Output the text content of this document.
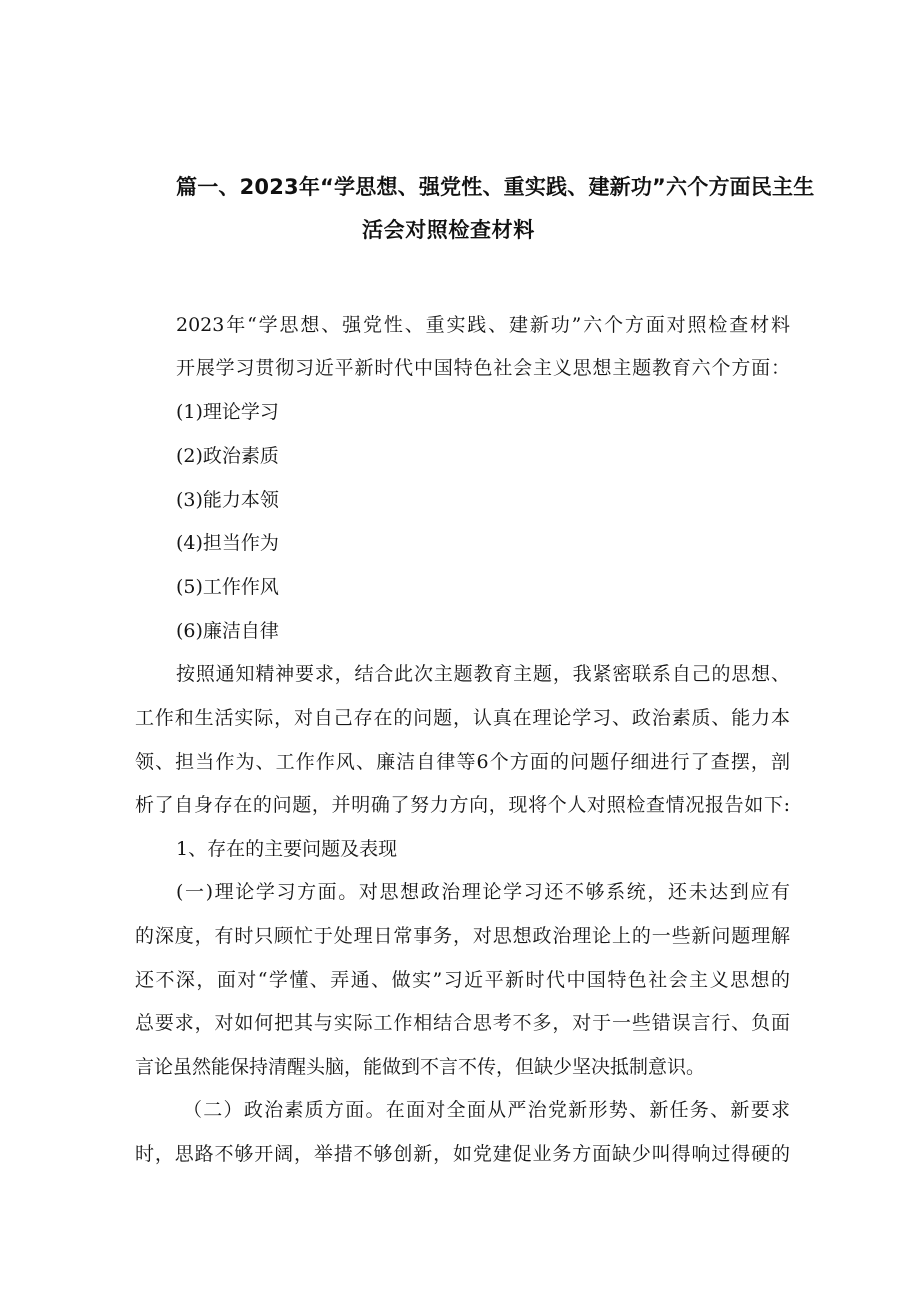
篇一、2023年“学思想、强党性、重实践、建新功”六个方面民主生
活会对照检查材料
2023年“学思想、强党性、重实践、建新功”六个方面对照检查材料
开展学习贯彻习近平新时代中国特色社会主义思想主题教育六个方面：
(1)理论学习
(2)政治素质
(3)能力本领
(4)担当作为
(5)工作作风
(6)廉洁自律
按照通知精神要求，结合此次主题教育主题，我紧密联系自己的思想、
工作和生活实际，对自己存在的问题，认真在理论学习、政治素质、能力本
领、担当作为、工作作风、廉洁自律等6个方面的问题仔细进行了查摆，剖
析了自身存在的问题，并明确了努力方向，现将个人对照检查情况报告如下:
1、存在的主要问题及表现
(一)理论学习方面。对思想政治理论学习还不够系统，还未达到应有
的深度，有时只顾忙于处理日常事务，对思想政治理论上的一些新问题理解
还不深，面对“学懂、弄通、做实”习近平新时代中国特色社会主义思想的
总要求，对如何把其与实际工作相结合思考不多，对于一些错误言行、负面
言论虽然能保持清醒头脑，能做到不言不传，但缺少坚决抵制意识。
（二）政治素质方面。在面对全面从严治党新形势、新任务、新要求
时，思路不够开阔，举措不够创新，如党建促业务方面缺少叫得响过得硬的
